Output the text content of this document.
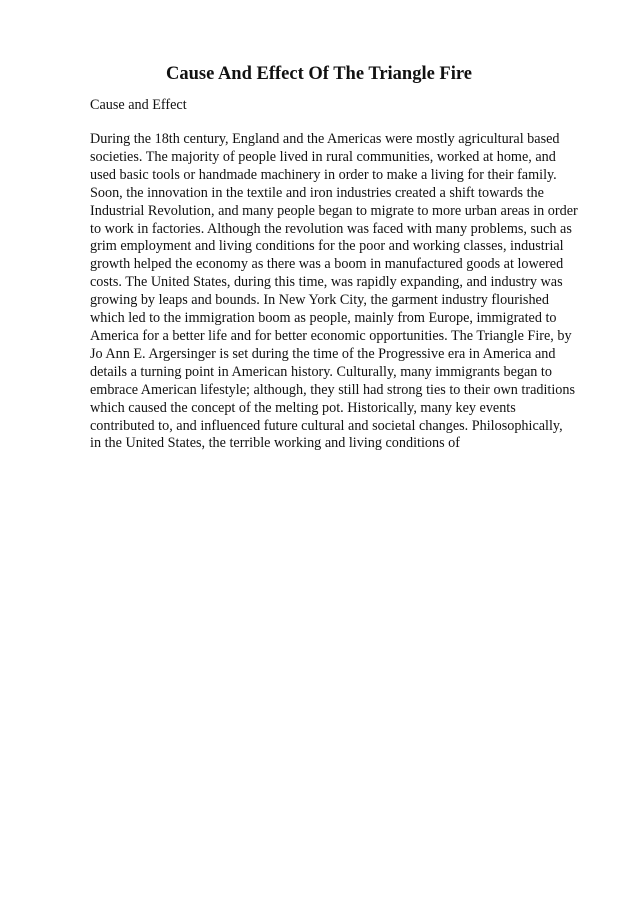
Cause And Effect Of The Triangle Fire

Cause and Effect

During the 18th century, England and the Americas were mostly agricultural based
societies. The majority of people lived in rural communities, worked at home, and
used basic tools or handmade machinery in order to make a living for their family.
Soon, the innovation in the textile and iron industries created a shift towards the
Industrial Revolution, and many people began to migrate to more urban areas in order
to work in factories. Although the revolution was faced with many problems, such as
grim employment and living conditions for the poor and working classes, industrial
growth helped the economy as there was a boom in manufactured goods at lowered
costs. The United States, during this time, was rapidly expanding, and industry was
growing by leaps and bounds. In New York City, the garment industry flourished
which led to the immigration boom as people, mainly from Europe, immigrated to
America for a better life and for better economic opportunities. The Triangle Fire, by
Jo Ann E. Argersinger is set during the time of the Progressive era in America and
details a turning point in American history. Culturally, many immigrants began to
embrace American lifestyle; although, they still had strong ties to their own traditions
which caused the concept of the melting pot. Historically, many key events
contributed to, and influenced future cultural and societal changes. Philosophically,
in the United States, the terrible working and living conditions of
